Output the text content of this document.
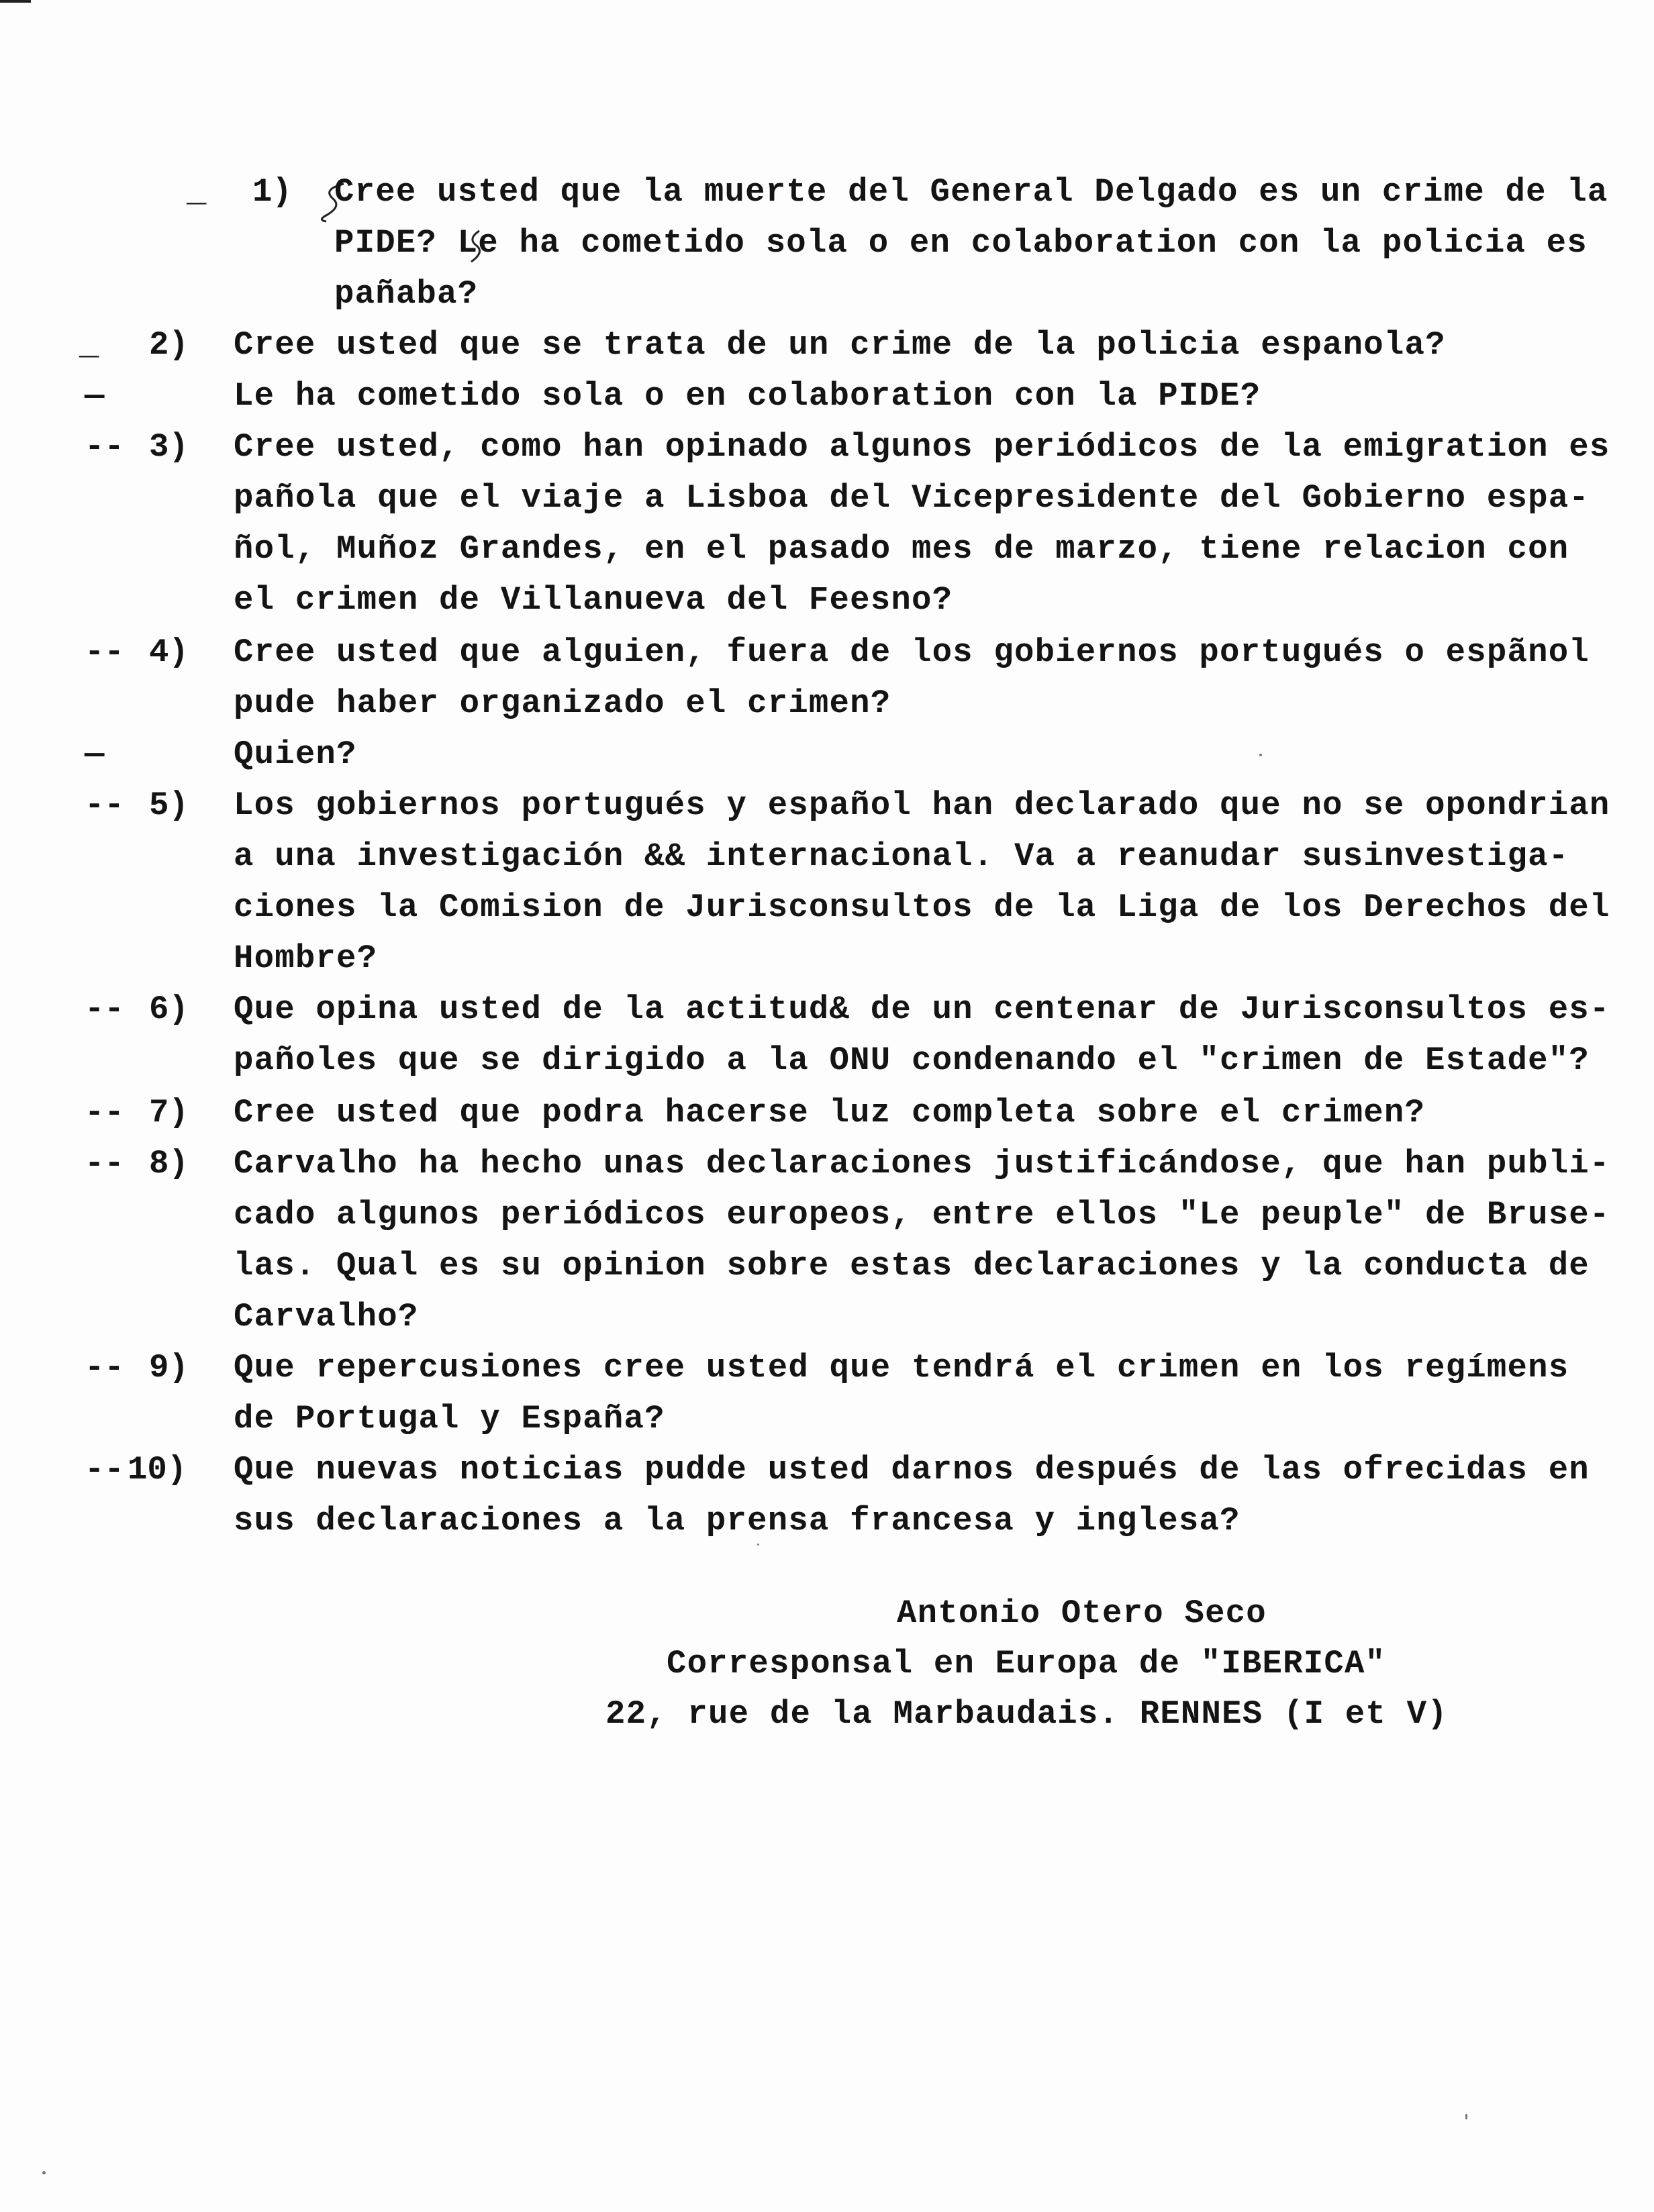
_ 1) Cree usted que la muerte del General Delgado es un crime de la
PIDE? Le ha cometido sola o en colaboration con la policia es
pañaba?
_ 2) Cree usted que se trata de un crime de la policia espanola?
—	Le ha cometido sola o en colaboration con la PIDE?
-- 3) Cree usted, como han opinado algunos periódicos de la emigration es
pañola que el viaje a Lisboa del Vicepresidente del Gobierno espa-
ñol, Muñoz Grandes, en el pasado mes de marzo, tiene relacion con
el crimen de Villanueva del Feesno?
-- 4) Cree usted que alguien, fuera de los gobiernos portugués o espãnol
pude haber organizado el crimen?
—	Quien?
-- 5) Los gobiernos portugués y español han declarado que no se opondrian
a una investigación && internacional. Va a reanudar susinvestiga-
ciones la Comision de Jurisconsultos de la Liga de los Derechos del
Hombre?
-- 6) Que opina usted de la actitud& de un centenar de Jurisconsultos es-
pañoles que se dirigido a la ONU condenando el "crimen de Estade"?
-- 7) Cree usted que podra hacerse luz completa sobre el crimen?
-- 8) Carvalho ha hecho unas declaraciones justificándose, que han publi-
cado algunos periódicos europeos, entre ellos "Le peuple" de Bruse-
las. Qual es su opinion sobre estas declaraciones y la conducta de
Carvalho?
-- 9) Que repercusiones cree usted que tendrá el crimen en los regímens
de Portugal y España?
-- 10) Que nuevas noticias pudde usted darnos después de las ofrecidas en
sus declaraciones a la prensa francesa y inglesa?
Antonio Otero Seco
Corresponsal en Europa de "IBERICA"
22, rue de la Marbaudais. RENNES (I et V)
